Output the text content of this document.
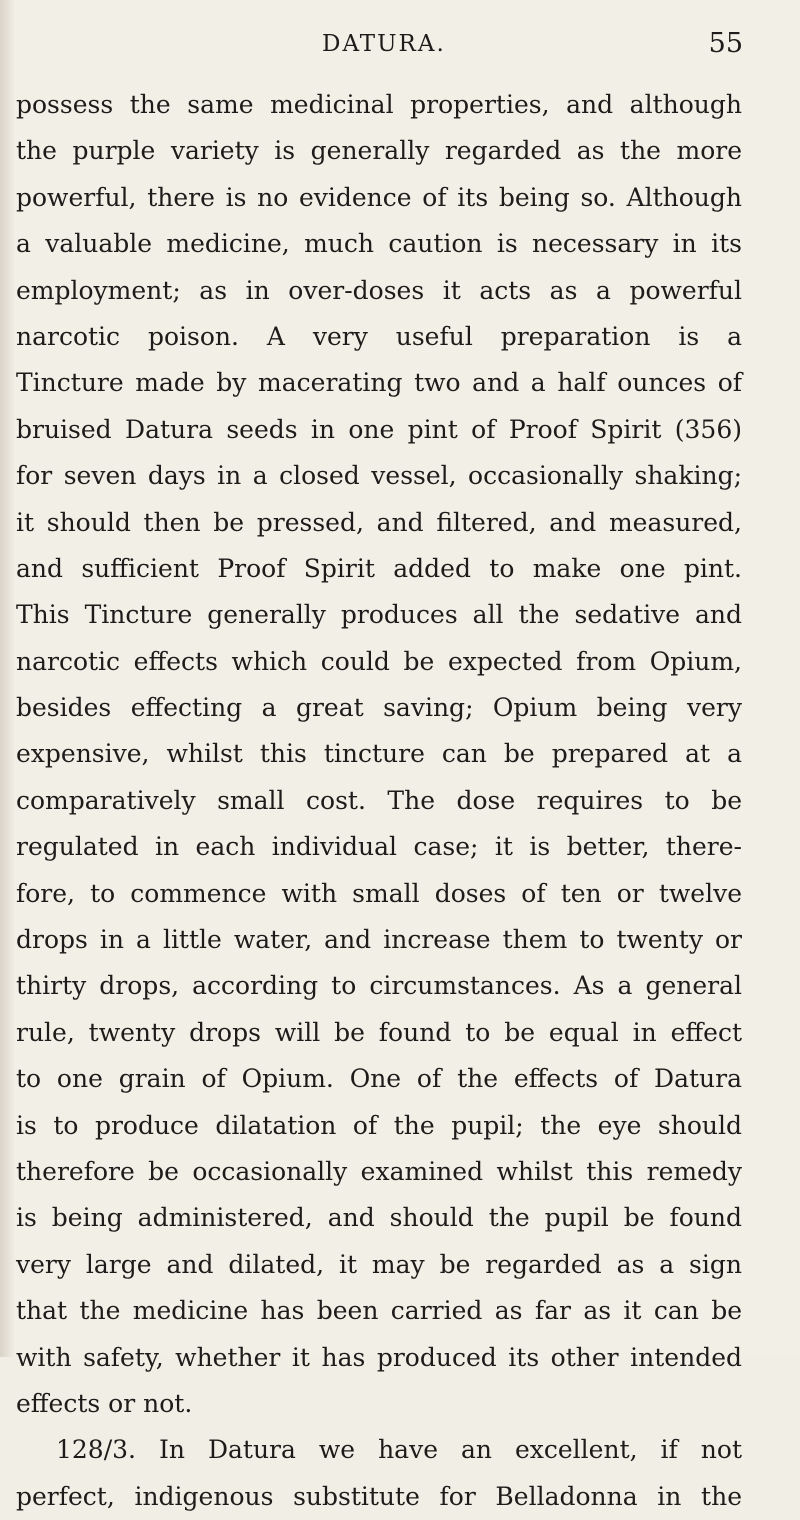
DATURA.	55
possess the same medicinal properties, and although
the purple variety is generally regarded as the more
powerful, there is no evidence of its being so. Although
a valuable medicine, much caution is necessary in its
employment; as in over-doses it acts as a powerful
narcotic poison. A very useful preparation is a
Tincture made by macerating two and a half ounces of
bruised Datura seeds in one pint of Proof Spirit (356)
for seven days in a closed vessel, occasionally shaking;
it should then be pressed, and filtered, and measured,
and sufficient Proof Spirit added to make one pint.
This Tincture generally produces all the sedative and
narcotic effects which could be expected from Opium,
besides effecting a great saving; Opium being very
expensive, whilst this tincture can be prepared at a
comparatively small cost. The dose requires to be
regulated in each individual case; it is better, there-
fore, to commence with small doses of ten or twelve
drops in a little water, and increase them to twenty or
thirty drops, according to circumstances. As a general
rule, twenty drops will be found to be equal in effect
to one grain of Opium. One of the effects of Datura
is to produce dilatation of the pupil; the eye should
therefore be occasionally examined whilst this remedy
is being administered, and should the pupil be found
very large and dilated, it may be regarded as a sign
that the medicine has been carried as far as it can be
with safety, whether it has produced its other intended
effects or not.
128/3. In Datura we have an excellent, if not
perfect, indigenous substitute for Belladonna in the
